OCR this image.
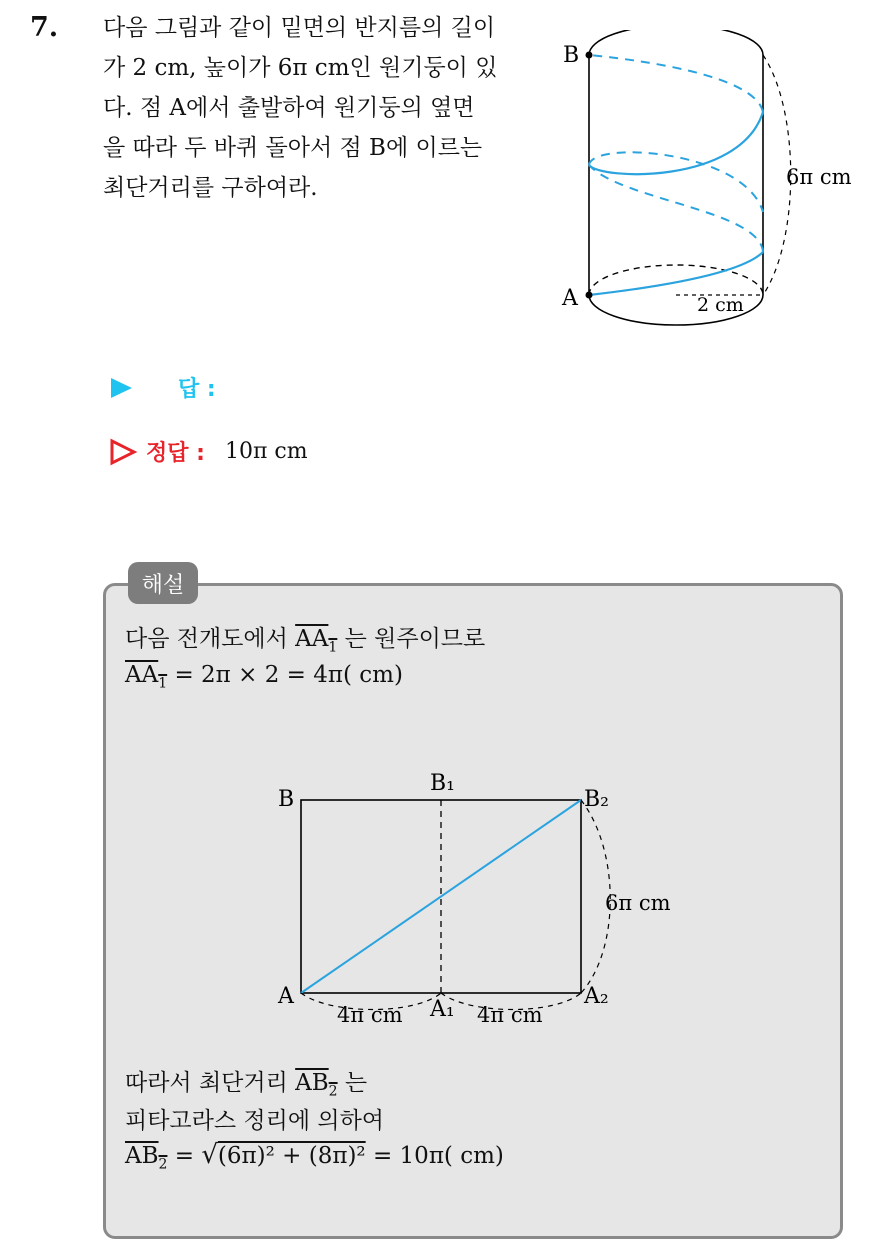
7. 다음 그림과 같이 밑면의 반지름의 길이
가 2 cm, 높이가 6π cm인 원기둥이 있
다. 점 A에서 출발하여 원기둥의 옆면
을 따라 두 바퀴 돌아서 점 B에 이르는
최단거리를 구하여라.
B
A
6π cm
2 cm
답 :
정답 : 10π cm
해설
다음 전개도에서 $AA_1$ 는 원주이므로
$AA_1 = 2\pi \times 2 = 4\pi$( cm)
B
B₁
B₂
A
A₁
A₂
6π cm
4π cm	4π cm
따라서 최단거리 $AB_2$ 는
피타고라스 정리에 의하여
$AB_2 = √(6\pi)^2 + (8\pi)^2 = 10\pi$( cm)
